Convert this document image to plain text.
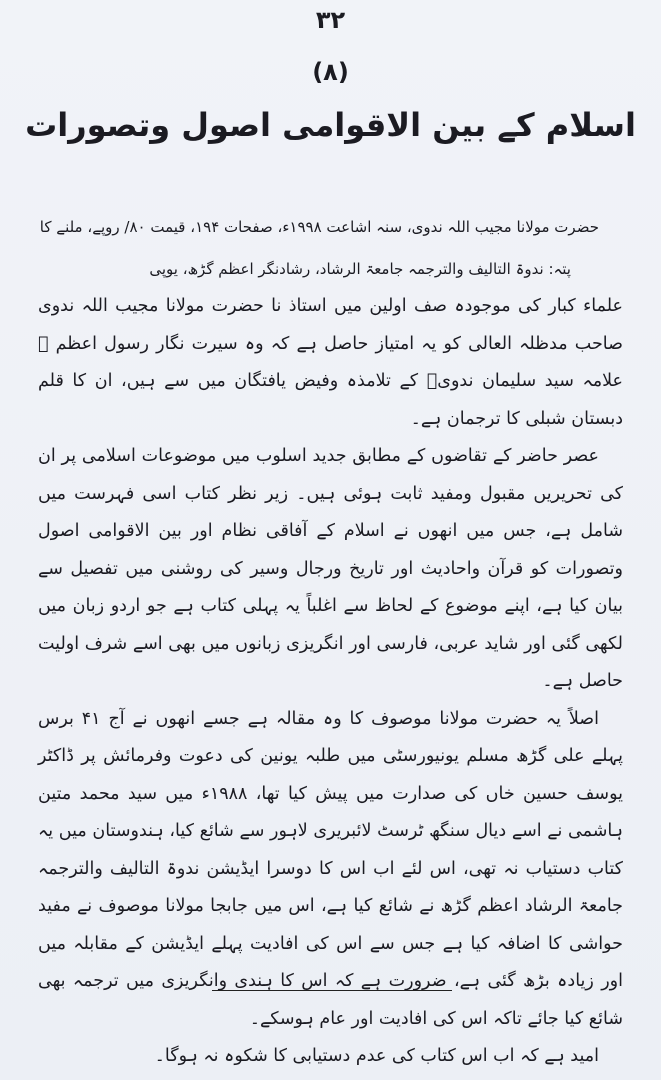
۳۲
(۸)
اسلام کے بین الاقوامی اصول وتصورات
حضرت مولانا مجیب اللہ ندوی، سنہ اشاعت ۱۹۹۸ء، صفحات ۱۹۴، قیمت ۸۰/ روپے، ملنے کا
پتہ: ندوۃ التالیف والترجمہ جامعۃ الرشاد، رشادنگر اعظم گڑھ، یوپی

علماء کبار کی موجودہ صف اولین میں استاذ نا حضرت مولانا مجیب اللہ ندوی صاحب مدظلہ العالی کو یہ امتیاز حاصل ہے کہ وہ سیرت نگار رسول اعظم ﷺ علامہ سید سلیمان ندویؒ کے تلامذہ وفیض یافتگان میں سے ہیں، ان کا قلم دبستان شبلی کا ترجمان ہے۔

عصر حاضر کے تقاضوں کے مطابق جدید اسلوب میں موضوعات اسلامی پر ان کی تحریریں مقبول ومفید ثابت ہوئی ہیں۔ زیر نظر کتاب اسی فہرست میں شامل ہے، جس میں انھوں نے اسلام کے آفاقی نظام اور بین الاقوامی اصول وتصورات کو قرآن واحادیث اور تاریخ ورجال وسیر کی روشنی میں تفصیل سے بیان کیا ہے، اپنے موضوع کے لحاظ سے اغلباً یہ پہلی کتاب ہے جو اردو زبان میں لکھی گئی اور شاید عربی، فارسی اور انگریزی زبانوں میں بھی اسے شرف اولیت حاصل ہے۔

اصلاً یہ حضرت مولانا موصوف کا وہ مقالہ ہے جسے انھوں نے آج ۴۱ برس پہلے علی گڑھ مسلم یونیورسٹی میں طلبہ یونین کی دعوت وفرمائش پر ڈاکٹر یوسف حسین خاں کی صدارت میں پیش کیا تھا، ۱۹۸۸ء میں سید محمد متین ہاشمی نے اسے دیال سنگھ ٹرسٹ لائبریری لاہور سے شائع کیا، ہندوستان میں یہ کتاب دستیاب نہ تھی، اس لئے اب اس کا دوسرا ایڈیشن ندوۃ التالیف والترجمہ جامعۃ الرشاد اعظم گڑھ نے شائع کیا ہے، اس میں جابجا مولانا موصوف نے مفید حواشی کا اضافہ کیا ہے جس سے اس کی افادیت پہلے ایڈیشن کے مقابلہ میں اور زیادہ بڑھ گئی ہے، ضرورت ہے کہ اس کا ہندی وانگریزی میں ترجمہ بھی شائع کیا جائے تاکہ اس کی افادیت اور عام ہوسکے۔

امید ہے کہ اب اس کتاب کی عدم دستیابی کا شکوہ نہ ہوگا۔
